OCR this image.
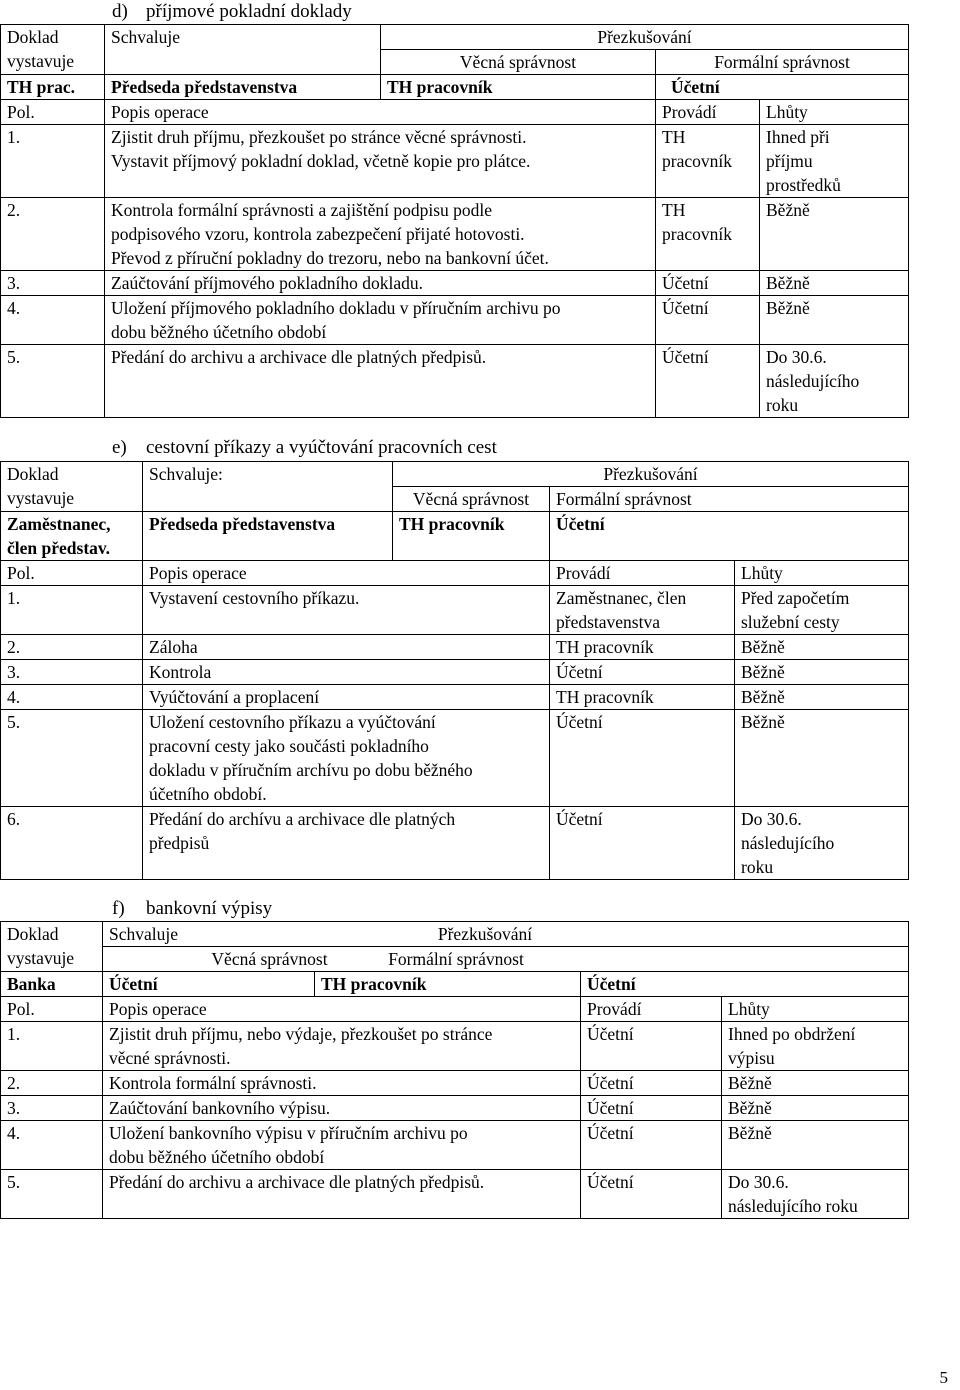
d) příjmové pokladní doklady
Doklad
vystavuje	Schvaluje	Přezkušování		
		Věcná správnost	Formální správnost	
TH prac.	Předseda představenstva	TH pracovník	Účetní	
Pol.	Popis operace		Provádí	Lhůty
1.	Zjistit druh příjmu, přezkoušet po stránce věcné správnosti.
Vystavit příjmový pokladní doklad, včetně kopie pro plátce.		TH
pracovník	Ihned při
příjmu
prostředků
2.	Kontrola formální správnosti a zajištění podpisu podle
podpisového vzoru, kontrola zabezpečení přijaté hotovosti.
Převod z příruční pokladny do trezoru, nebo na bankovní účet.		TH
pracovník	Běžně
3.	Zaúčtování příjmového pokladního dokladu.		Účetní	Běžně
4.	Uložení příjmového pokladního dokladu v příručním archivu po
dobu běžného účetního období		Účetní	Běžně
5.	Předání do archivu a archivace dle platných předpisů.		Účetní	Do 30.6.
následujícího
roku
e) cestovní příkazy a vyúčtování pracovních cest
Doklad
vystavuje	Schvaluje:	Přezkušování		
		Věcná správnost	Formální správnost	
Zaměstnanec, člen představ.	Předseda představenstva	TH pracovník	Účetní	
Pol.	Popis operace		Provádí	Lhůty
1.	Vystavení cestovního příkazu.		Zaměstnanec, člen
představenstva	Před započetím
služební cesty
2.	Záloha		TH pracovník	Běžně
3.	Kontrola		Účetní	Běžně
4.	Vyúčtování a proplacení		TH pracovník	Běžně
5.	Uložení cestovního příkazu a vyúčtování
pracovní cesty jako součásti pokladního
dokladu v příručním archívu po dobu běžného
účetního období.		Účetní	Běžně
6.	Předání do archívu a archivace dle platných
předpisů		Účetní	Do 30.6.
následujícího
roku
f) bankovní výpisy
Doklad
vystavuje	Schvaluje Přezkušování			
	Věcná správnost Formální správnost			
Banka	Účetní	TH pracovník	Účetní	
Pol.	Popis operace		Provádí	Lhůty
1.	Zjistit druh příjmu, nebo výdaje, přezkoušet po stránce
věcné správnosti.		Účetní	Ihned po obdržení
výpisu
2.	Kontrola formální správnosti.		Účetní	Běžně
3.	Zaúčtování bankovního výpisu.		Účetní	Běžně
4.	Uložení bankovního výpisu v příručním archivu po
dobu běžného účetního období		Účetní	Běžně
5.	Předání do archivu a archivace dle platných předpisů.		Účetní	Do 30.6.
následujícího roku
5
